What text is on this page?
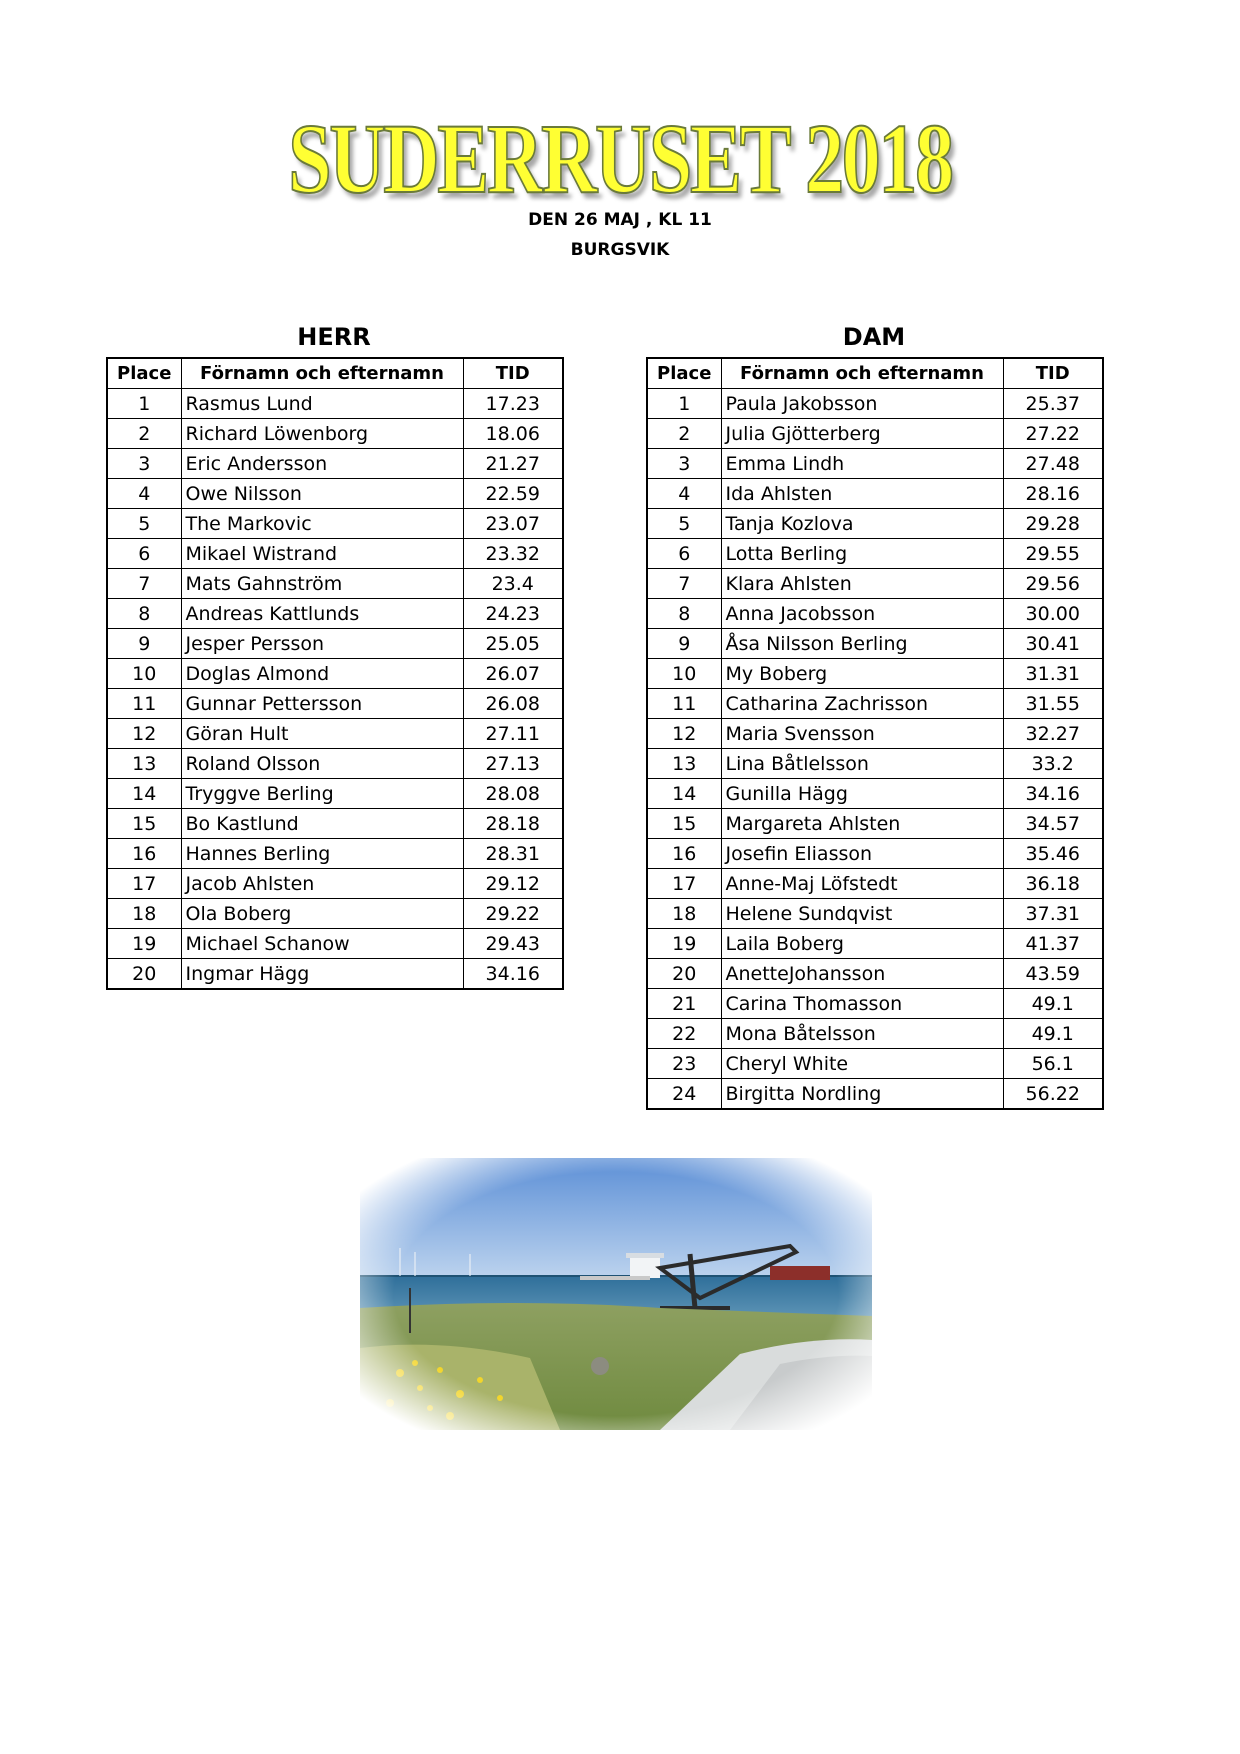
SUDERRUSET 2018
DEN 26 MAJ , KL 11
BURGSVIK
HERR
Place	Förnamn och efternamn	TID
1	Rasmus Lund	17.23
2	Richard Löwenborg	18.06
3	Eric Andersson	21.27
4	Owe Nilsson	22.59
5	The Markovic	23.07
6	Mikael Wistrand	23.32
7	Mats Gahnström	23.4
8	Andreas Kattlunds	24.23
9	Jesper Persson	25.05
10	Doglas Almond	26.07
11	Gunnar Pettersson	26.08
12	Göran Hult	27.11
13	Roland Olsson	27.13
14	Tryggve Berling	28.08
15	Bo Kastlund	28.18
16	Hannes Berling	28.31
17	Jacob Ahlsten	29.12
18	Ola Boberg	29.22
19	Michael Schanow	29.43
20	Ingmar Hägg	34.16
DAM
Place	Förnamn och efternamn	TID
1	Paula Jakobsson	25.37
2	Julia Gjötterberg	27.22
3	Emma Lindh	27.48
4	Ida Ahlsten	28.16
5	Tanja Kozlova	29.28
6	Lotta Berling	29.55
7	Klara Ahlsten	29.56
8	Anna Jacobsson	30.00
9	Åsa Nilsson Berling	30.41
10	My Boberg	31.31
11	Catharina Zachrisson	31.55
12	Maria Svensson	32.27
13	Lina Båtlelsson	33.2
14	Gunilla Hägg	34.16
15	Margareta Ahlsten	34.57
16	Josefin Eliasson	35.46
17	Anne-Maj Löfstedt	36.18
18	Helene Sundqvist	37.31
19	Laila Boberg	41.37
20	AnetteJohansson	43.59
21	Carina Thomasson	49.1
22	Mona Båtelsson	49.1
23	Cheryl White	56.1
24	Birgitta Nordling	56.22
